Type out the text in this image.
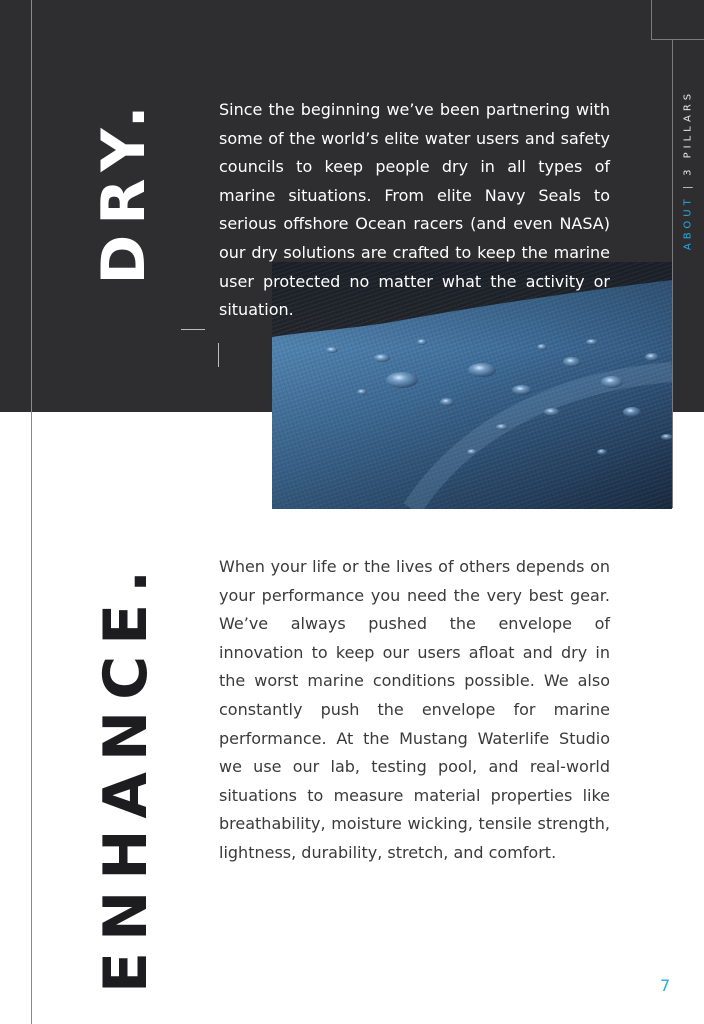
ABOUT|3 PILLARS
DRY.	Since the beginning we’ve been partnering with some of the world’s elite water users and safety councils to keep people dry in all types of marine situations. From elite Navy Seals to serious offshore Ocean racers (and even NASA) our dry solutions are crafted to keep the marine user protected no matter what the activity or situation.

ENHANCE.	When your life or the lives of others depends on your performance you need the very best gear. We’ve always pushed the envelope of innovation to keep our users afloat and dry in the worst marine conditions possible. We also constantly push the envelope for marine performance. At the Mustang Waterlife Studio we use our lab, testing pool, and real-world situations to measure material properties like breathability, moisture wicking, tensile strength, lightness, durability, stretch, and comfort.

7
